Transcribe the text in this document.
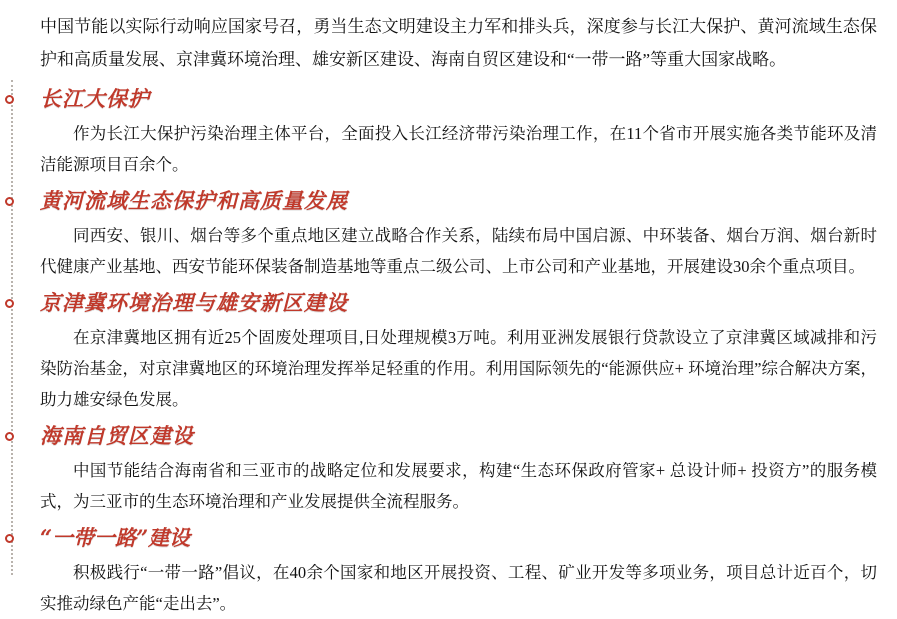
中国节能以实际行动响应国家号召，勇当生态文明建设主力军和排头兵，深度参与长江大保护、黄河流域生态保护和高质量发展、京津冀环境治理、雄安新区建设、海南自贸区建设和“一带一路”等重大国家战略。

长江大保护

作为长江大保护污染治理主体平台，全面投入长江经济带污染治理工作，在11个省市开展实施各类节能环及清洁能源项目百余个。

黄河流域生态保护和高质量发展

同西安、银川、烟台等多个重点地区建立战略合作关系，陆续布局中国启源、中环装备、烟台万润、烟台新时代健康产业基地、西安节能环保装备制造基地等重点二级公司、上市公司和产业基地，开展建设30余个重点项目。

京津冀环境治理与雄安新区建设

在京津冀地区拥有近25个固废处理项目,日处理规模3万吨。利用亚洲发展银行贷款设立了京津冀区域减排和污染防治基金，对京津冀地区的环境治理发挥举足轻重的作用。利用国际领先的“能源供应+ 环境治理”综合解决方案，助力雄安绿色发展。

海南自贸区建设

中国节能结合海南省和三亚市的战略定位和发展要求，构建“生态环保政府管家+ 总设计师+ 投资方”的服务模式，为三亚市的生态环境治理和产业发展提供全流程服务。

“一带一路”建设

积极践行“一带一路”倡议，在40余个国家和地区开展投资、工程、矿业开发等多项业务，项目总计近百个，切实推动绿色产能“走出去”。
